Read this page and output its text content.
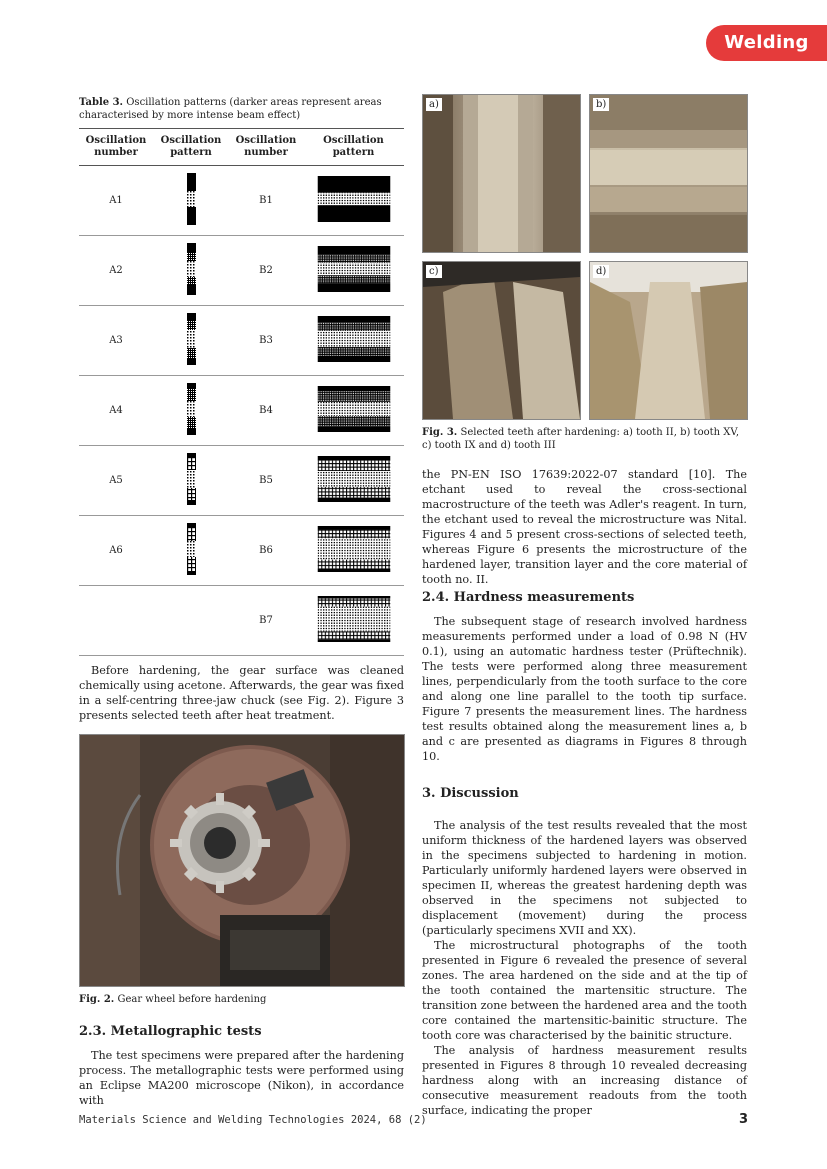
Welding
Table 3. Oscillation patterns (darker areas represent areas characterised by more intense beam effect)
Oscillation number	Oscillation pattern	Oscillation number	Oscillation pattern
A1		B1	
A2		B2	
A3		B3	
A4		B4	
A5		B5	
A6		B6	
		B7	

Before hardening, the gear surface was cleaned chemically using acetone. Afterwards, the gear was fixed in a self-centring three-jaw chuck (see Fig. 2). Figure 3 presents selected teeth after heat treatment.

Fig. 2. Gear wheel before hardening
2.3. Metallographic tests

The test specimens were prepared after the hardening process. The metallographic tests were performed using an Eclipse MA200 microscope (Nikon), in accordance with

a)	b)
c)	d)
Fig. 3. Selected teeth after hardening: a) tooth II, b) tooth XV, c) tooth IX and d) tooth III

the PN-EN ISO 17639:2022-07 standard [10]. The etchant used to reveal the cross-sectional macrostructure of the teeth was Adler's reagent. In turn, the etchant used to reveal the microstructure was Nital. Figures 4 and 5 present cross-sections of selected teeth, whereas Figure 6 presents the microstructure of the hardened layer, transition layer and the core material of tooth no. II.

2.4. Hardness measurements

The subsequent stage of research involved hardness measurements performed under a load of 0.98 N (HV 0.1), using an automatic hardness tester (Prüftechnik). The tests were performed along three measurement lines, perpendicularly from the tooth surface to the core and along one line parallel to the tooth tip surface. Figure 7 presents the measurement lines. The hardness test results obtained along the measurement lines a, b and c are presented as diagrams in Figures 8 through 10.

3. Discussion

The analysis of the test results revealed that the most uniform thickness of the hardened layers was observed in the specimens subjected to hardening in motion. Particularly uniformly hardened layers were observed in specimen II, whereas the greatest hardening depth was observed in the specimens not subjected to displacement (movement) during the process (particularly specimens XVII and XX).

The microstructural photographs of the tooth presented in Figure 6 revealed the presence of several zones. The area hardened on the side and at the tip of the tooth contained the martensitic structure. The transition zone between the hardened area and the tooth core contained the martensitic-bainitic structure. The tooth core was characterised by the bainitic structure.

The analysis of hardness measurement results presented in Figures 8 through 10 revealed decreasing hardness along with an increasing distance of consecutive measurement readouts from the tooth surface, indicating the proper

Materials Science and Welding Technologies 2024, 68 (2)	3
